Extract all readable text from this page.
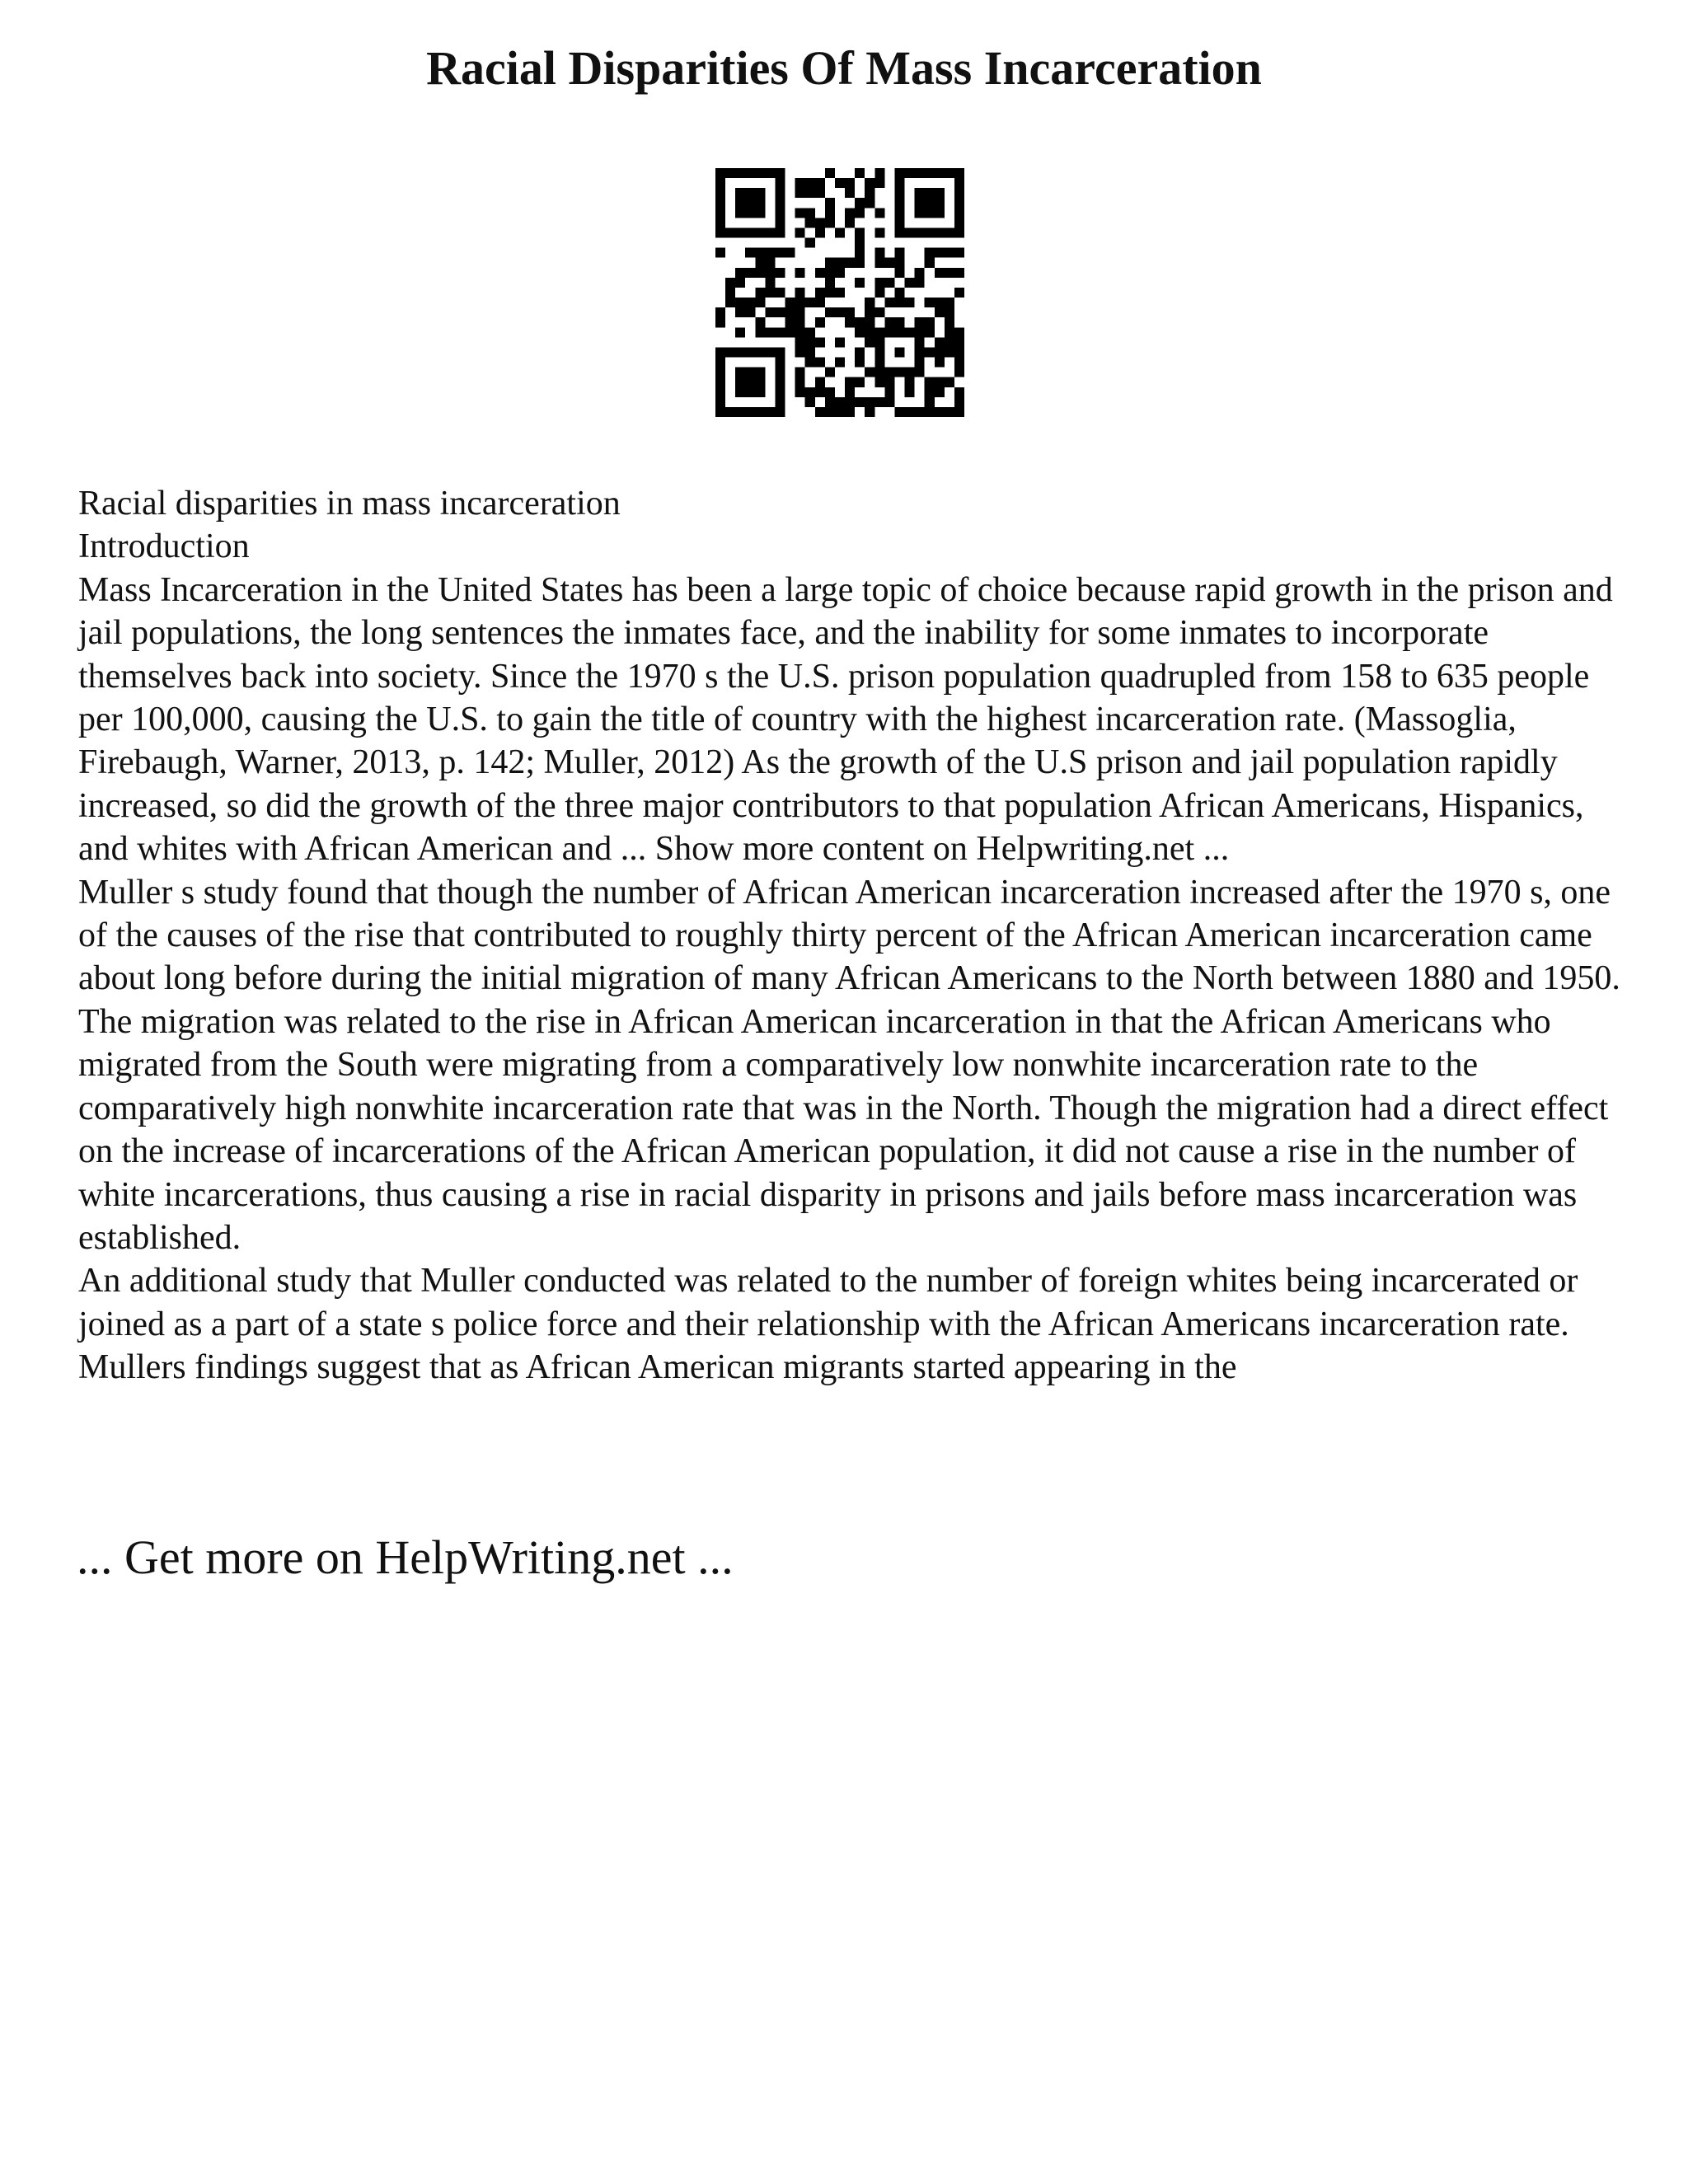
Racial Disparities Of Mass Incarceration

Racial disparities in mass incarceration

Introduction

Mass Incarceration in the United States has been a large topic of choice because rapid growth in the prison and jail populations, the long sentences the inmates face, and the inability for some inmates to incorporate themselves back into society. Since the 1970 s the U.S. prison population quadrupled from 158 to 635 people per 100,000, causing the U.S. to gain the title of country with the highest incarceration rate. (Massoglia, Firebaugh, Warner, 2013, p. 142; Muller, 2012) As the growth of the U.S prison and jail population rapidly increased, so did the growth of the three major contributors to that population African Americans, Hispanics, and whites with African American and ... Show more content on Helpwriting.net ...

Muller s study found that though the number of African American incarceration increased after the 1970 s, one of the causes of the rise that contributed to roughly thirty percent of the African American incarceration came about long before during the initial migration of many African Americans to the North between 1880 and 1950. The migration was related to the rise in African American incarceration in that the African Americans who migrated from the South were migrating from a comparatively low nonwhite incarceration rate to the comparatively high nonwhite incarceration rate that was in the North. Though the migration had a direct effect on the increase of incarcerations of the African American population, it did not cause a rise in the number of white incarcerations, thus causing a rise in racial disparity in prisons and jails before mass incarceration was established.

An additional study that Muller conducted was related to the number of foreign whites being incarcerated or joined as a part of a state s police force and their relationship with the African Americans incarceration rate. Mullers findings suggest that as African American migrants started appearing in the

... Get more on HelpWriting.net ...
